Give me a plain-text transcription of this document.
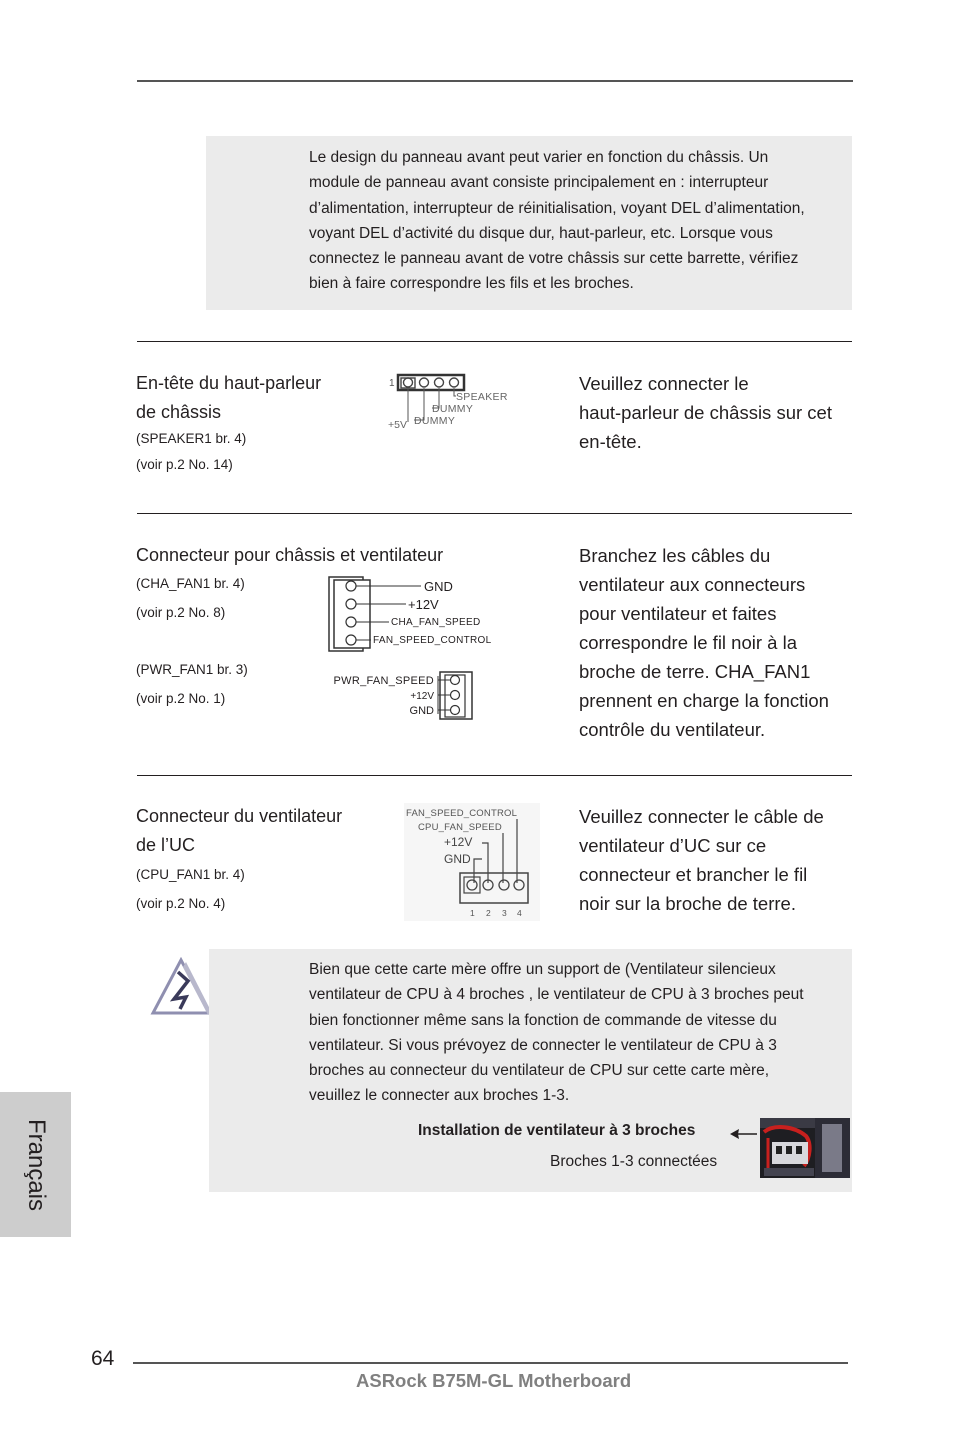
Le design du panneau avant peut varier en fonction du châssis. Un
module de panneau avant consiste principalement en : interrupteur
d’alimentation, interrupteur de réinitialisation, voyant DEL d’alimentation,
voyant DEL d’activité du disque dur, haut-parleur, etc. Lorsque vous
connectez le panneau avant de votre châssis sur cette barrette, vérifiez
bien à faire correspondre les fils et les broches.
En-tête du haut-parleur
de châssis
(SPEAKER1 br. 4)
(voir p.2 No. 14)
1
SPEAKER
DUMMY
+5V DUMMY
Veuillez connecter le
haut-parleur de châssis sur cet
en-tête.
Connecteur pour châssis et ventilateur
(CHA_FAN1 br. 4)
(voir p.2 No. 8)
(PWR_FAN1 br. 3)
(voir p.2 No. 1)
GND
+12V
CHA_FAN_SPEED
FAN_SPEED_CONTROL
PWR_FAN_SPEED
+12V
GND
Branchez les câbles du
ventilateur aux connecteurs
pour ventilateur et faites
correspondre le fil noir à la
broche de terre. CHA_FAN1
prennent en charge la fonction
contrôle du ventilateur.
Connecteur du ventilateur
de l’UC
(CPU_FAN1 br. 4)
(voir p.2 No. 4)
FAN_SPEED_CONTROL
CPU_FAN_SPEED
+12V
GND
1 2 3 4
Veuillez connecter le câble de
ventilateur d’UC sur ce
connecteur et brancher le fil
noir sur la broche de terre.
Bien que cette carte mère offre un support de (Ventilateur silencieux
ventilateur de CPU à 4 broches , le ventilateur de CPU à 3 broches peut
bien fonctionner même sans la fonction de commande de vitesse du
ventilateur. Si vous prévoyez de connecter le ventilateur de CPU à 3
broches au connecteur du ventilateur de CPU sur cette carte mère,
veuillez le connecter aux broches 1-3.
Installation de ventilateur à 3 broches
Broches 1-3 connectées
Français
64
ASRock B75M-GL Motherboard
